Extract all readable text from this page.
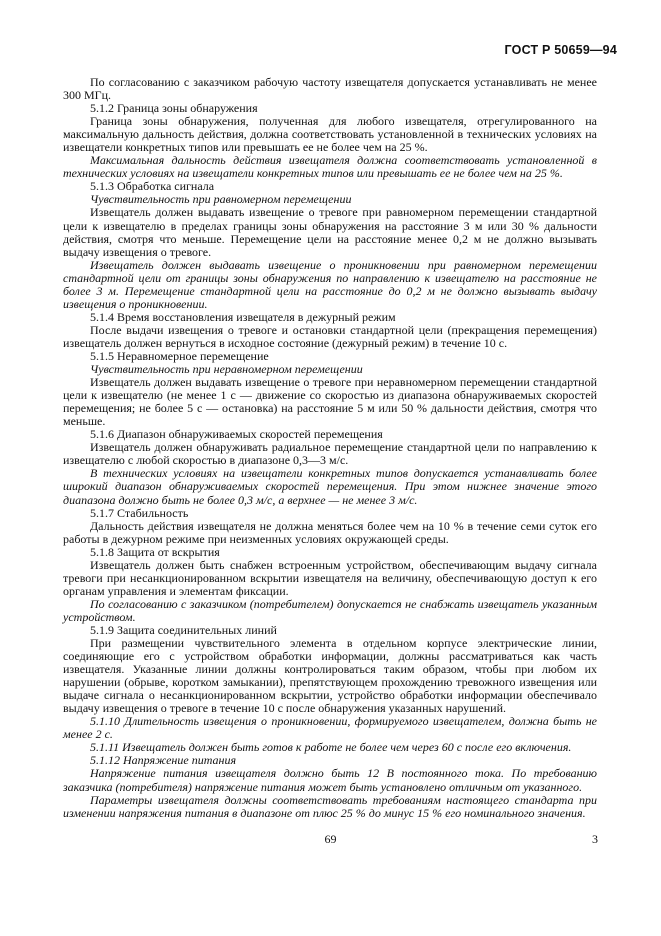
ГОСТ Р 50659—94

По согласованию с заказчиком рабочую частоту извещателя допускается устанавливать не менее 300 МГц.

5.1.2 Граница зоны обнаружения

Граница зоны обнаружения, полученная для любого извещателя, отрегулированного на максимальную дальность действия, должна соответствовать установленной в технических условиях на извещатели конкретных типов или превышать ее не более чем на 25 %.

Максимальная дальность действия извещателя должна соответствовать установленной в технических условиях на извещатели конкретных типов или превышать ее не более чем на 25 %.

5.1.3 Обработка сигнала

Чувствительность при равномерном перемещении

Извещатель должен выдавать извещение о тревоге при равномерном перемещении стандартной цели к извещателю в пределах границы зоны обнаружения на расстояние 3 м или 30 % дальности действия, смотря что меньше. Перемещение цели на расстояние менее 0,2 м не должно вызывать выдачу извещения о тревоге.

Извещатель должен выдавать извещение о проникновении при равномерном перемещении стандартной цели от границы зоны обнаружения по направлению к извещателю на расстояние не более 3 м. Перемещение стандартной цели на расстояние до 0,2 м не должно вызывать выдачу извещения о проникновении.

5.1.4 Время восстановления извещателя в дежурный режим

После выдачи извещения о тревоге и остановки стандартной цели (прекращения перемещения) извещатель должен вернуться в исходное состояние (дежурный режим) в течение 10 с.

5.1.5 Неравномерное перемещение

Чувствительность при неравномерном перемещении

Извещатель должен выдавать извещение о тревоге при неравномерном перемещении стандартной цели к извещателю (не менее 1 с — движение со скоростью из диапазона обнаруживаемых скоростей перемещения; не более 5 с — остановка) на расстояние 5 м или 50 % дальности действия, смотря что меньше.

5.1.6 Диапазон обнаруживаемых скоростей перемещения

Извещатель должен обнаруживать радиальное перемещение стандартной цели по направлению к извещателю с любой скоростью в диапазоне 0,3—3 м/с.

В технических условиях на извещатели конкретных типов допускается устанавливать более широкий диапазон обнаруживаемых скоростей перемещения. При этом нижнее значение этого диапазона должно быть не более 0,3 м/с, а верхнее — не менее 3 м/с.

5.1.7 Стабильность

Дальность действия извещателя не должна меняться более чем на 10 % в течение семи суток его работы в дежурном режиме при неизменных условиях окружающей среды.

5.1.8 Защита от вскрытия

Извещатель должен быть снабжен встроенным устройством, обеспечивающим выдачу сигнала тревоги при несанкционированном вскрытии извещателя на величину, обеспечивающую доступ к его органам управления и элементам фиксации.

По согласованию с заказчиком (потребителем) допускается не снабжать извещатель указанным устройством.

5.1.9 Защита соединительных линий

При размещении чувствительного элемента в отдельном корпусе электрические линии, соединяющие его с устройством обработки информации, должны рассматриваться как часть извещателя. Указанные линии должны контролироваться таким образом, чтобы при любом их нарушении (обрыве, коротком замыкании), препятствующем прохождению тревожного извещения или выдаче сигнала о несанкционированном вскрытии, устройство обработки информации обеспечивало выдачу извещения о тревоге в течение 10 с после обнаружения указанных нарушений.

5.1.10 Длительность извещения о проникновении, формируемого извещателем, должна быть не менее 2 с.

5.1.11 Извещатель должен быть готов к работе не более чем через 60 с после его включения.

5.1.12 Напряжение питания

Напряжение питания извещателя должно быть 12 В постоянного тока. По требованию заказчика (потребителя) напряжение питания может быть установлено отличным от указанного.

Параметры извещателя должны соответствовать требованиям настоящего стандарта при изменении напряжения питания в диапазоне от плюс 25 % до минус 15 % его номинального значения.

69	3
